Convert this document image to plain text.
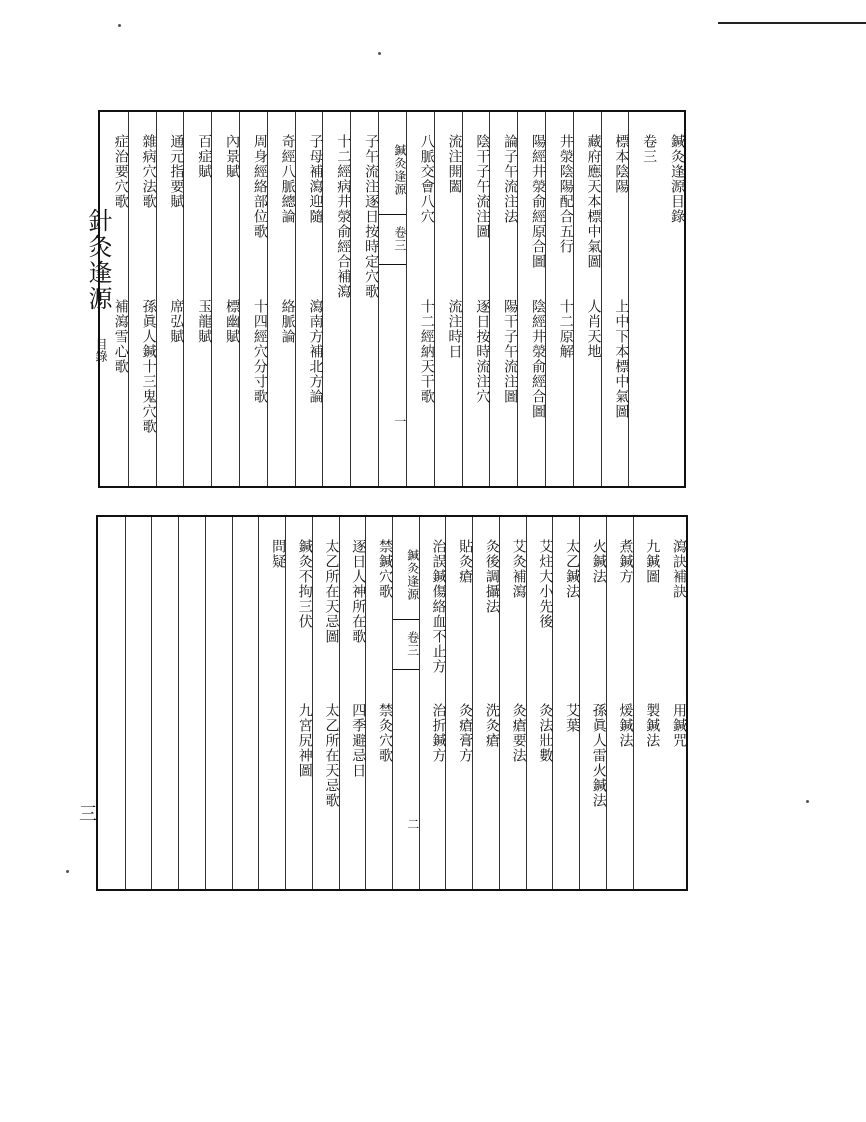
針灸逢源
目錄
三
鍼灸逢源目錄
卷三
標本陰陽
上中下本標中氣圖
藏府應天本標中氣圖
人肖天地
井滎陰陽配合五行
十二原解
陽經井滎俞經原合圖
陰經井滎俞經合圖
論子午流注法
陽干子午流注圖
陰干子午流注圖
逐日按時流注穴
流注開闔
流注時日
八脈交會八穴
十二經納天干歌
鍼灸逢源
卷三
一
子午流注逐日按時定穴歌
十二經病井滎俞經合補瀉
子母補瀉迎隨
瀉南方補北方論
奇經八脈總論
絡脈論
周身經絡部位歌
十四經穴分寸歌
內景賦
標幽賦
百症賦
玉龍賦
通元指要賦
席弘賦
雜病穴法歌
孫眞人鍼十三鬼穴歌
症治要穴歌
補瀉雪心歌
瀉訣補訣
用鍼咒
九鍼圖
製鍼法
煮鍼方
煖鍼法
火鍼法
孫眞人雷火鍼法
太乙鍼法
艾葉
艾炷大小先後
灸法壯數
艾灸補瀉
灸瘡要法
灸後調攝法
洗灸瘡
貼灸瘡
灸瘡膏方
治誤鍼傷絡血不止方
治折鍼方
鍼灸逢源
卷三
二
禁鍼穴歌
禁灸穴歌
逐日人神所在歌
四季避忌日
太乙所在天忌圖
太乙所在天忌歌
鍼灸不拘三伏
九宮尻神圖
問疑
